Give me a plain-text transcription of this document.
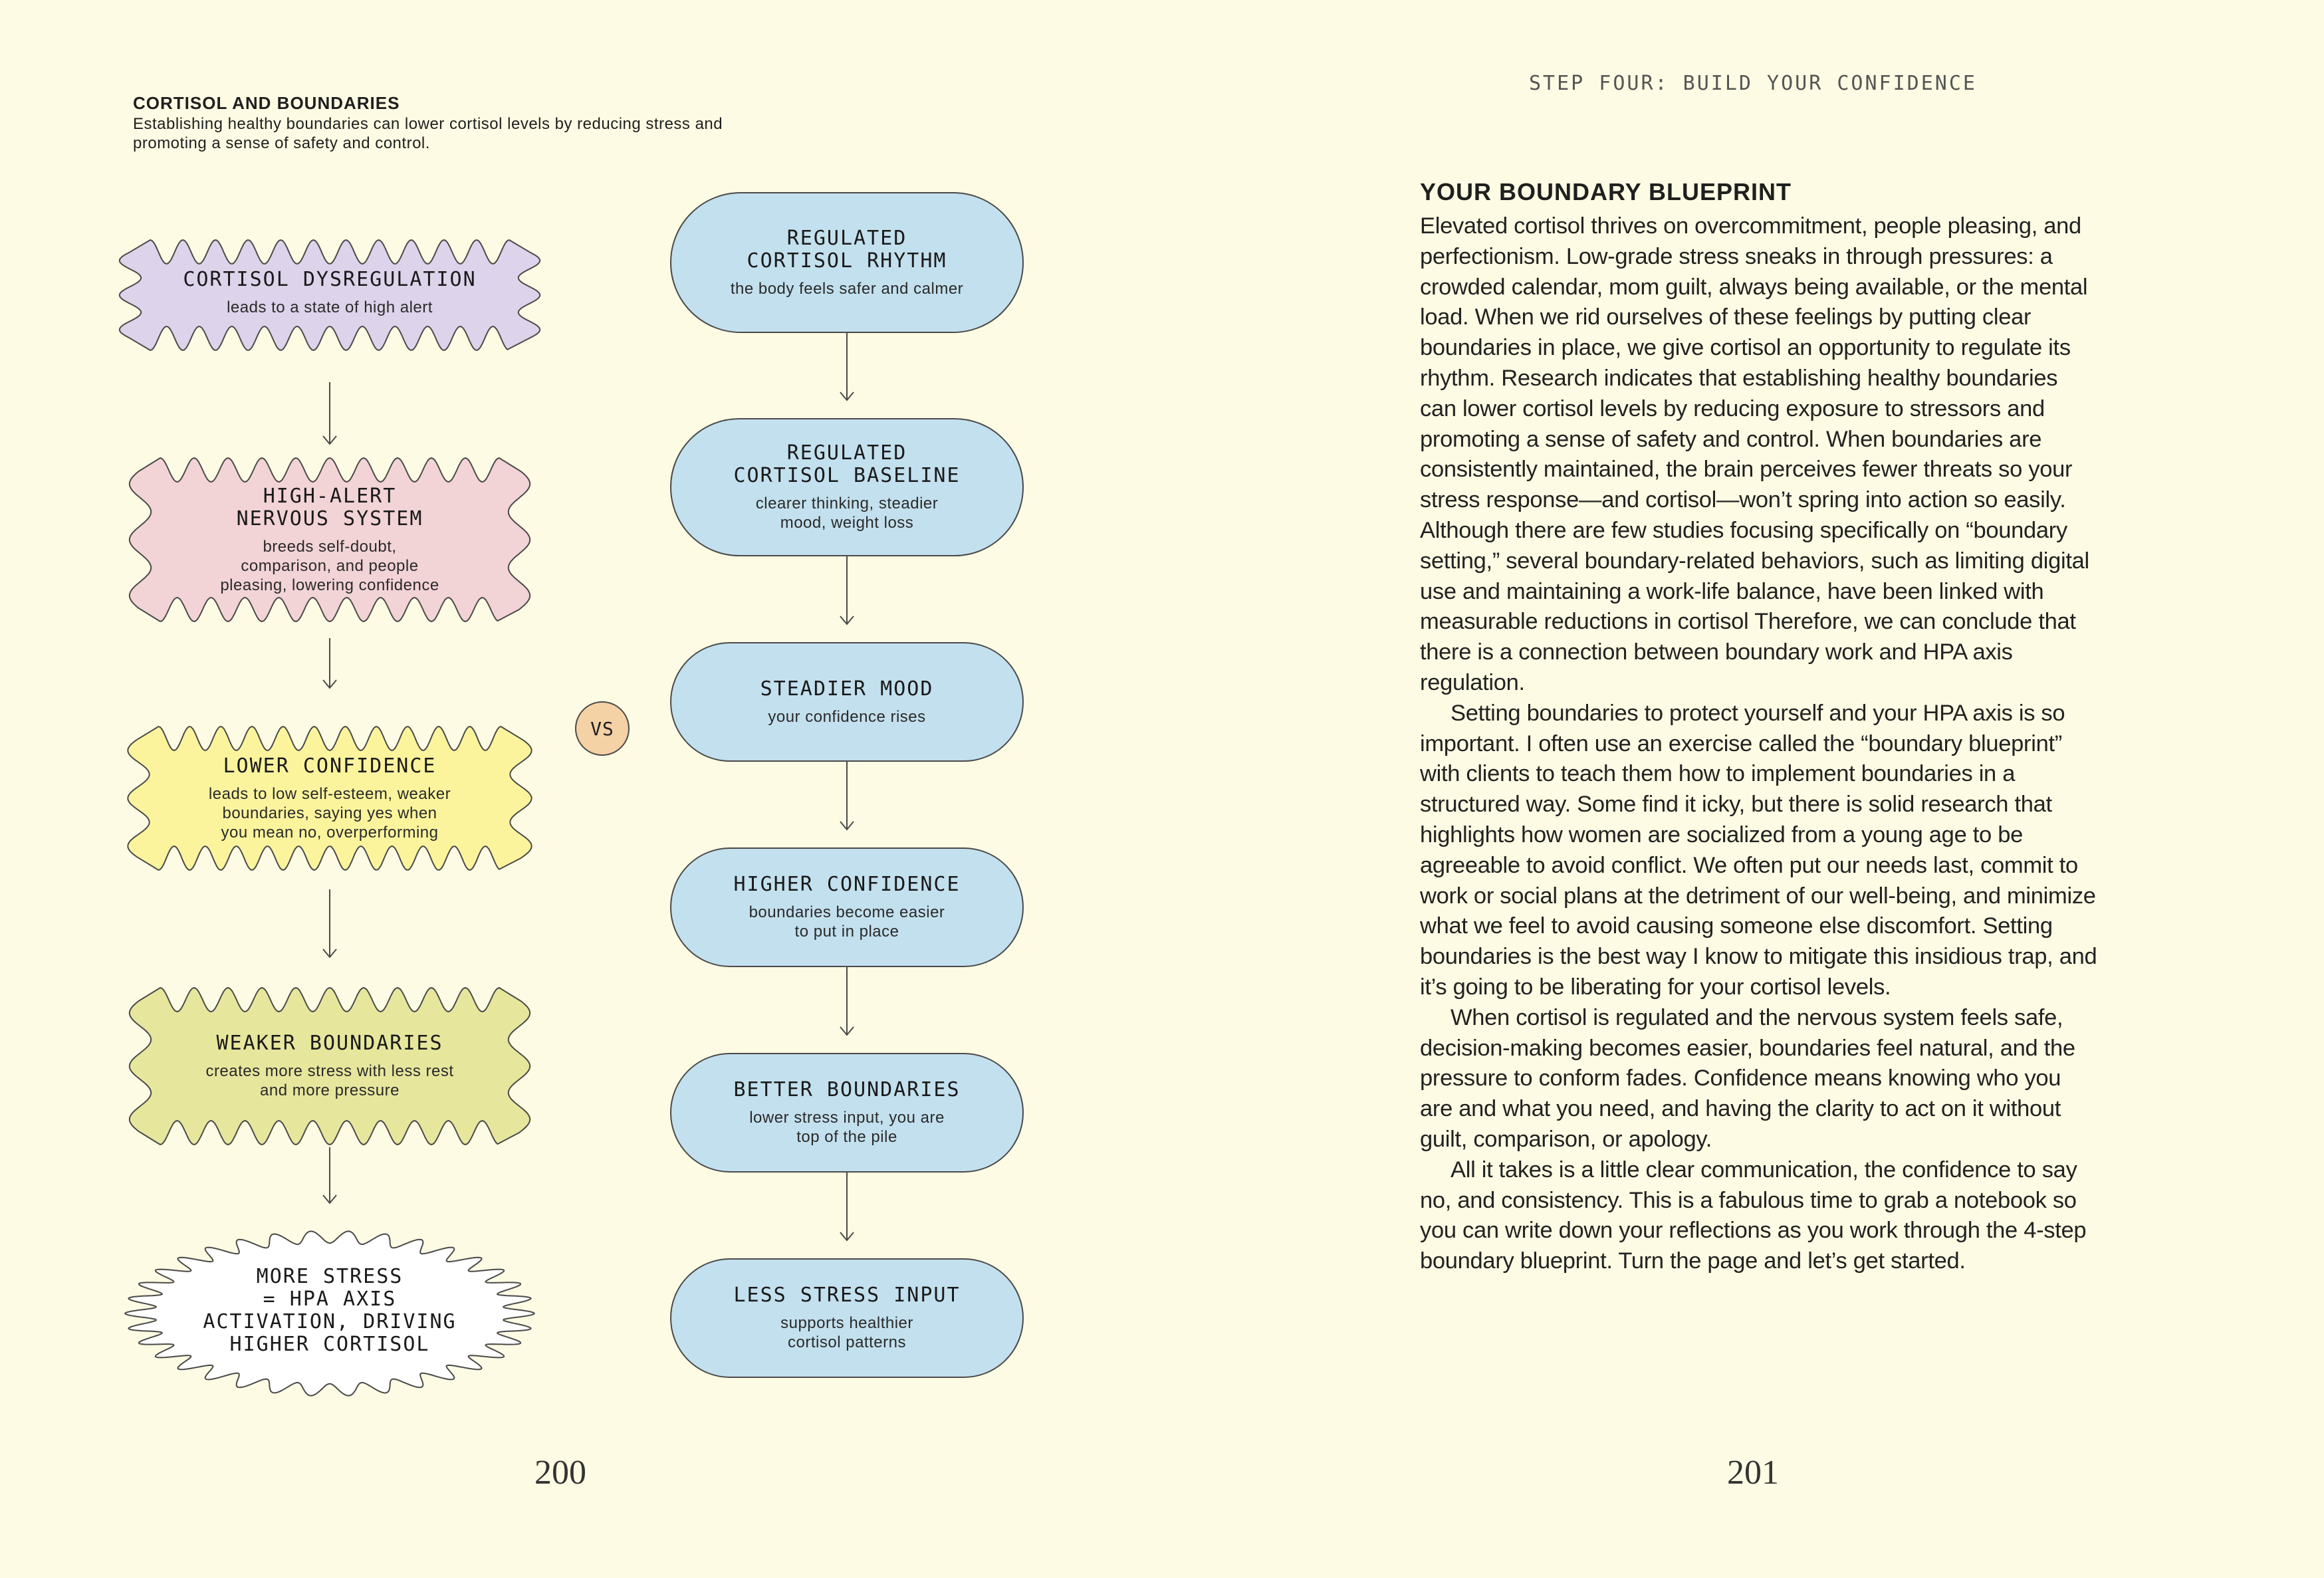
CORTISOL AND BOUNDARIES
Establishing healthy boundaries can lower cortisol levels by reducing stress and promoting a sense of safety and control.
CORTISOL DYSREGULATION
leads to a state of high alert
HIGH-ALERT
NERVOUS SYSTEM
breeds self-doubt,
comparison, and people
pleasing, lowering confidence
LOWER CONFIDENCE
leads to low self-esteem, weaker
boundaries, saying yes when
you mean no, overperforming
WEAKER BOUNDARIES
creates more stress with less rest
and more pressure
MORE STRESS
= HPA AXIS
ACTIVATION, DRIVING
HIGHER CORTISOL
REGULATED
CORTISOL RHYTHM
the body feels safer and calmer
REGULATED
CORTISOL BASELINE
clearer thinking, steadier
mood, weight loss
STEADIER MOOD
your confidence rises
HIGHER CONFIDENCE
boundaries become easier
to put in place
BETTER BOUNDARIES
lower stress input, you are
top of the pile
LESS STRESS INPUT
supports healthier
cortisol patterns
VS
200
STEP FOUR: BUILD YOUR CONFIDENCE
YOUR BOUNDARY BLUEPRINT

Elevated cortisol thrives on overcommitment, people pleasing, and perfectionism. Low-grade stress sneaks in through pressures: a crowded calendar, mom guilt, always being available, or the mental load. When we rid ourselves of these feelings by putting clear boundaries in place, we give cortisol an opportunity to regulate its rhythm. Research indicates that establishing healthy boundaries can lower cortisol levels by reducing exposure to stressors and promoting a sense of safety and control. When boundaries are consistently maintained, the brain perceives fewer threats so your stress response—and cortisol—won’t spring into action so easily. Although there are few studies focusing specifically on “boundary setting,” several boundary-related behaviors, such as limiting digital use and maintaining a work-life balance, have been linked with measurable reductions in cortisol Therefore, we can conclude that there is a connection between boundary work and HPA axis regulation.

Setting boundaries to protect yourself and your HPA axis is so important. I often use an exercise called the “boundary blueprint” with clients to teach them how to implement boundaries in a structured way. Some find it icky, but there is solid research that highlights how women are socialized from a young age to be agreeable to avoid conflict. We often put our needs last, commit to work or social plans at the detriment of our well-being, and minimize what we feel to avoid causing someone else discomfort. Setting boundaries is the best way I know to mitigate this insidious trap, and it’s going to be liberating for your cortisol levels.

When cortisol is regulated and the nervous system feels safe, decision-making becomes easier, boundaries feel natural, and the pressure to conform fades. Confidence means knowing who you are and what you need, and having the clarity to act on it without guilt, comparison, or apology.

All it takes is a little clear communication, the confidence to say no, and consistency. This is a fabulous time to grab a notebook so you can write down your reflections as you work through the 4-step boundary blueprint. Turn the page and let’s get started.

201
